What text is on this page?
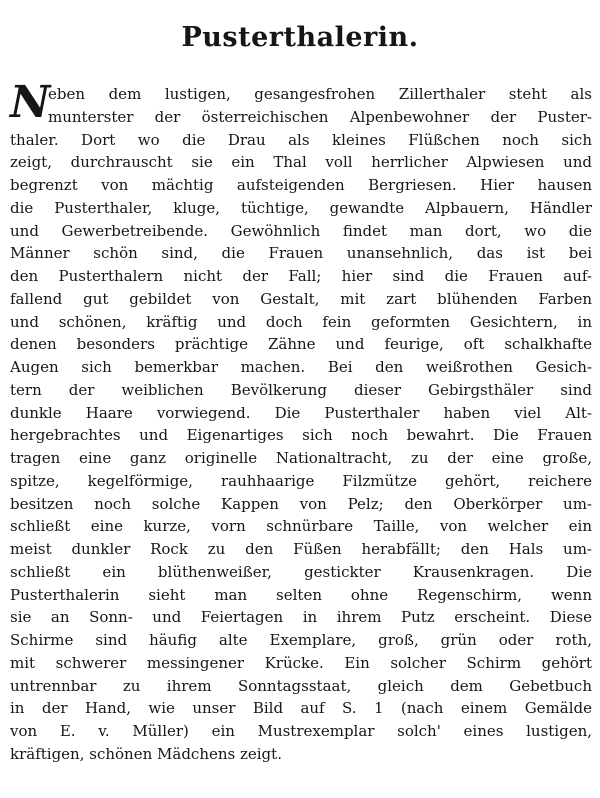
Pusterthalerin.
N
eben dem lustigen, gesangesfrohen Zillerthaler steht als
munterster der österreichischen Alpenbewohner der Puster-
thaler. Dort wo die Drau als kleines Flüßchen noch sich
zeigt, durchrauscht sie ein Thal voll herrlicher Alpwiesen und
begrenzt von mächtig aufsteigenden Bergriesen. Hier hausen
die Pusterthaler, kluge, tüchtige, gewandte Alpbauern, Händler
und Gewerbetreibende. Gewöhnlich findet man dort, wo die
Männer schön sind, die Frauen unansehnlich, das ist bei
den Pusterthalern nicht der Fall; hier sind die Frauen auf-
fallend gut gebildet von Gestalt, mit zart blühenden Farben
und schönen, kräftig und doch fein geformten Gesichtern, in
denen besonders prächtige Zähne und feurige, oft schalkhafte
Augen sich bemerkbar machen. Bei den weißrothen Gesich-
tern der weiblichen Bevölkerung dieser Gebirgsthäler sind
dunkle Haare vorwiegend. Die Pusterthaler haben viel Alt-
hergebrachtes und Eigenartiges sich noch bewahrt. Die Frauen
tragen eine ganz originelle Nationaltracht, zu der eine große,
spitze, kegelförmige, rauhhaarige Filzmütze gehört, reichere
besitzen noch solche Kappen von Pelz; den Oberkörper um-
schließt eine kurze, vorn schnürbare Taille, von welcher ein
meist dunkler Rock zu den Füßen herabfällt; den Hals um-
schließt ein blüthenweißer, gestickter Krausenkragen. Die
Pusterthalerin sieht man selten ohne Regenschirm, wenn
sie an Sonn- und Feiertagen in ihrem Putz erscheint. Diese
Schirme sind häufig alte Exemplare, groß, grün oder roth,
mit schwerer messingener Krücke. Ein solcher Schirm gehört
untrennbar zu ihrem Sonntagsstaat, gleich dem Gebetbuch
in der Hand, wie unser Bild auf S. 1 (nach einem Gemälde
von E. v. Müller) ein Mustrexemplar solch' eines lustigen,
kräftigen, schönen Mädchens zeigt.
